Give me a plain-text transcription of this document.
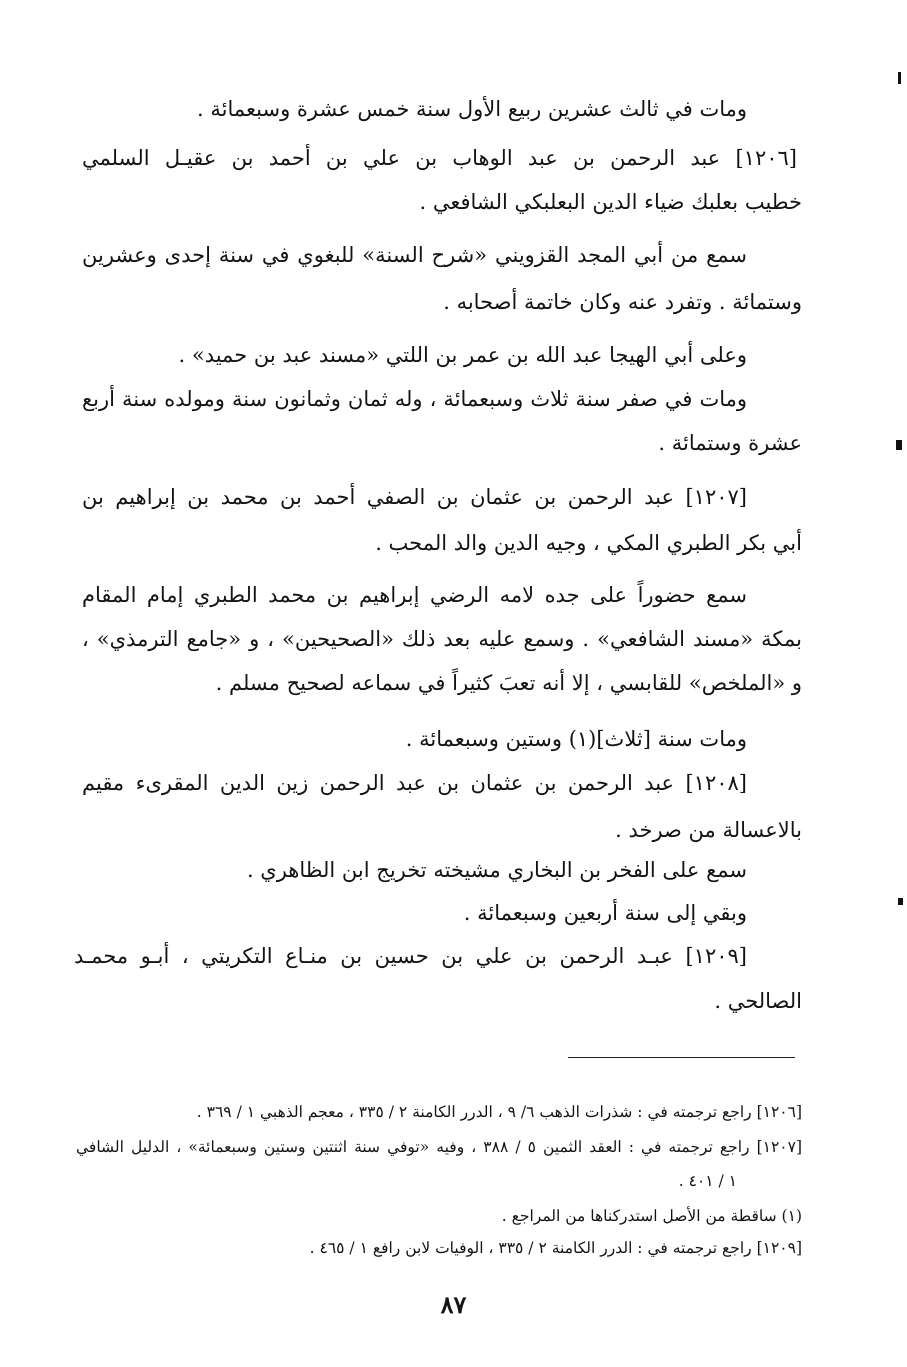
ومات في ثالث عشرين ربيع الأول سنة خمس عشرة وسبعمائة .
[١٢٠٦] عبد الرحمن بن عبد الوهاب بن علي بن أحمد بن عقيـل السلمي
خطيب بعلبك ضياء الدين البعلبكي الشافعي .
سمع من أبي المجد القزويني «شرح السنة» للبغوي في سنة إحدى وعشرين
وستمائة . وتفرد عنه وكان خاتمة أصحابه .
وعلى أبي الهيجا عبد الله بن عمر بن اللتي «مسند عبد بن حميد» .
ومات في صفر سنة ثلاث وسبعمائة ، وله ثمان وثمانون سنة ومولده سنة أربع
عشرة وستمائة .
[١٢٠٧] عبد الرحمن بن عثمان بن الصفي أحمد بن محمد بن إبراهيم بن
أبي بكر الطبري المكي ، وجيه الدين والد المحب .
سمع حضوراً على جده لامه الرضي إبراهيم بن محمد الطبري إمام المقام
بمكة «مسند الشافعي» . وسمع عليه بعد ذلك «الصحيحين» ، و «جامع الترمذي» ،
و «الملخص» للقابسي ، إلا أنه تعبَ كثيراً في سماعه لصحيح مسلم .
ومات سنة [ثلاث](١) وستين وسبعمائة .
[١٢٠٨] عبد الرحمن بن عثمان بن عبد الرحمن زين الدين المقرىء مقيم
بالاعسالة من صرخد .
سمع على الفخر بن البخاري مشيخته تخريج ابن الظاهري .
وبقي إلى سنة أربعين وسبعمائة .
[١٢٠٩] عبـد الرحمن بن علي بن حسين بن منـاع التكريتي ، أبـو محمـد
الصالحي .
[١٢٠٦] راجع ترجمته في : شذرات الذهب ٦/ ٩ ، الدرر الكامنة ٢ / ٣٣٥ ، معجم الذهبي ١ / ٣٦٩ .
[١٢٠٧] راجع ترجمته في : العقد الثمين ٥ / ٣٨٨ ، وفيه «توفي سنة اثنتين وستين وسبعمائة» ، الدليل الشافي
١ / ٤٠١ .
(١) ساقطة من الأصل استدركناها من المراجع .
[١٢٠٩] راجع ترجمته في : الدرر الكامنة ٢ / ٣٣٥ ، الوفيات لابن رافع ١ / ٤٦٥ .
٨٧
